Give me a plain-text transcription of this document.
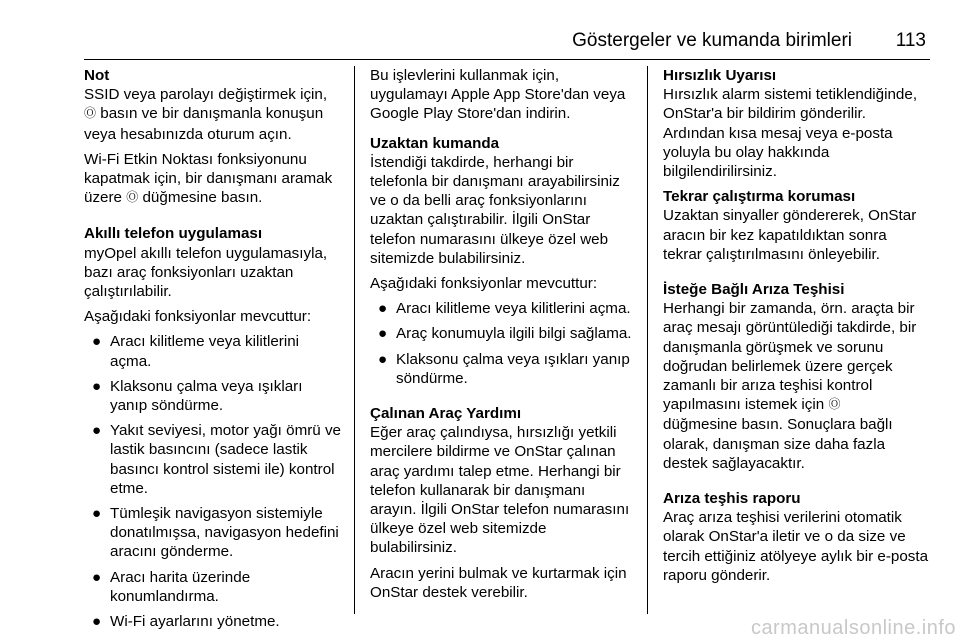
Göstergeler ve kumanda birimleri 113
Not

SSID veya parolayı değiştirmek için,
Ⓞ basın ve bir danışmanla konuşun veya hesabınızda oturum açın.

Wi-Fi Etkin Noktası fonksiyonunu kapatmak için, bir danışmanı aramak üzere Ⓞ düğmesine basın.

Akıllı telefon uygulaması

myOpel akıllı telefon uygulamasıyla, bazı araç fonksiyonları uzaktan çalıştırılabilir.

Aşağıdaki fonksiyonlar mevcuttur:

● Aracı kilitleme veya kilitlerini açma.
● Klaksonu çalma veya ışıkları yanıp söndürme.
● Yakıt seviyesi, motor yağı ömrü ve lastik basıncını (sadece lastik basıncı kontrol sistemi ile) kontrol etme.
● Tümleşik navigasyon sistemiyle donatılmışsa, navigasyon hedefini aracını gönderme.
● Aracı harita üzerinde konumlandırma.
● Wi-Fi ayarlarını yönetme.

Bu işlevlerini kullanmak için, uygulamayı Apple App Store'dan veya Google Play Store'dan indirin.

Uzaktan kumanda

İstendiği takdirde, herhangi bir telefonla bir danışmanı arayabilirsiniz ve o da belli araç fonksiyonlarını uzaktan çalıştırabilir. İlgili OnStar telefon numarasını ülkeye özel web sitemizde bulabilirsiniz.

Aşağıdaki fonksiyonlar mevcuttur:

● Aracı kilitleme veya kilitlerini açma.
● Araç konumuyla ilgili bilgi sağlama.
● Klaksonu çalma veya ışıkları yanıp söndürme.
Çalınan Araç Yardımı

Eğer araç çalındıysa, hırsızlığı yetkili mercilere bildirme ve OnStar çalınan araç yardımı talep etme. Herhangi bir telefon kullanarak bir danışmanı arayın. İlgili OnStar telefon numarasını ülkeye özel web sitemizde bulabilirsiniz.

Aracın yerini bulmak ve kurtarmak için OnStar destek verebilir.

Hırsızlık Uyarısı

Hırsızlık alarm sistemi tetiklendiğinde, OnStar'a bir bildirim gönderilir. Ardından kısa mesaj veya e-posta yoluyla bu olay hakkında bilgilendirilirsiniz.

Tekrar çalıştırma koruması

Uzaktan sinyaller göndererek, OnStar aracın bir kez kapatıldıktan sonra tekrar çalıştırılmasını önleyebilir.

İsteğe Bağlı Arıza Teşhisi

Herhangi bir zamanda, örn. araçta bir araç mesajı görüntülediği takdirde, bir danışmanla görüşmek ve sorunu doğrudan belirlemek üzere gerçek zamanlı bir arıza teşhisi kontrol yapılmasını istemek için Ⓞ
düğmesine basın. Sonuçlara bağlı olarak, danışman size daha fazla destek sağlayacaktır.

Arıza teşhis raporu

Araç arıza teşhisi verilerini otomatik olarak OnStar'a iletir ve o da size ve tercih ettiğiniz atölyeye aylık bir e-posta raporu gönderir.

carmanualsonline.info
